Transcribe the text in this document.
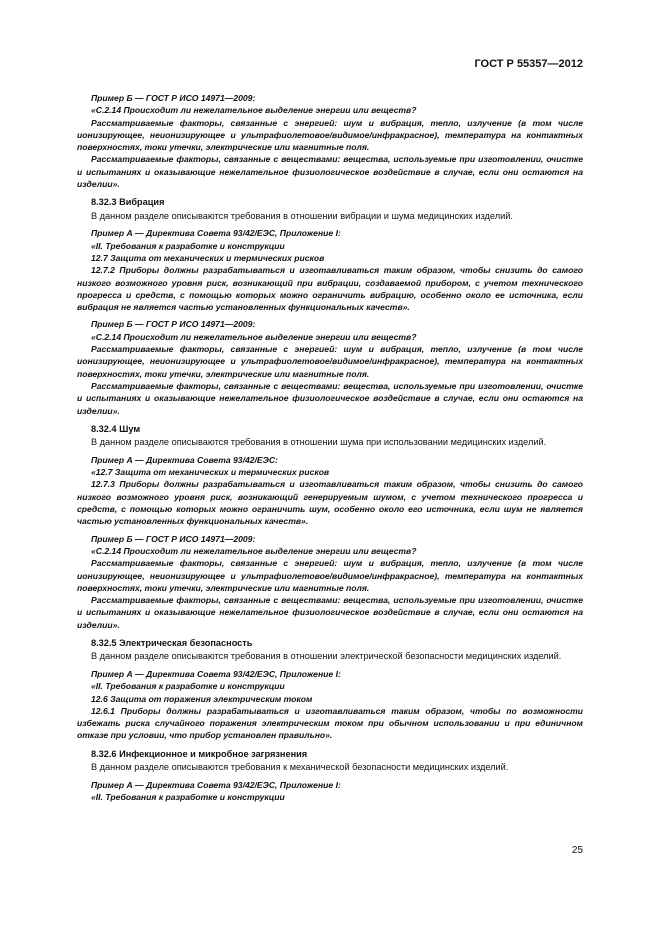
ГОСТ Р 55357—2012

Пример Б — ГОСТ Р ИСО 14971—2009:

«С.2.14 Происходит ли нежелательное выделение энергии или веществ?

Рассматриваемые факторы, связанные с энергией: шум и вибрация, тепло, излучение (в том числе ионизирующее, неионизирующее и ультрафиолетовое/видимое/инфракрасное), температура на контактных поверхностях, токи утечки, электрические или магнитные поля.

Рассматриваемые факторы, связанные с веществами: вещества, используемые при изготовлении, очистке и испытаниях и оказывающие нежелательное физиологическое воздействие в случае, если они остаются на изделии».

8.32.3 Вибрация

В данном разделе описываются требования в отношении вибрации и шума медицинских изделий.

Пример А — Директива Совета 93/42/ЕЭС, Приложение I:

«II. Требования к разработке и конструкции

12.7 Защита от механических и термических рисков

12.7.2 Приборы должны разрабатываться и изготавливаться таким образом, чтобы снизить до самого низкого возможного уровня риск, возникающий при вибрации, создаваемой прибором, с учетом технического прогресса и средств, с помощью которых можно ограничить вибрацию, особенно около ее источника, если вибрация не является частью установленных функциональных качеств».

Пример Б — ГОСТ Р ИСО 14971—2009:

«С.2.14 Происходит ли нежелательное выделение энергии или веществ?

Рассматриваемые факторы, связанные с энергией: шум и вибрация, тепло, излучение (в том числе ионизирующее, неионизирующее и ультрафиолетовое/видимое/инфракрасное), температура на контактных поверхностях, токи утечки, электрические или магнитные поля.

Рассматриваемые факторы, связанные с веществами: вещества, используемые при изготовлении, очистке и испытаниях и оказывающие нежелательное физиологическое воздействие в случае, если они остаются на изделии».

8.32.4 Шум

В данном разделе описываются требования в отношении шума при использовании медицинских изделий.

Пример А — Директива Совета 93/42/ЕЭС:

«12.7 Защита от механических и термических рисков

12.7.3 Приборы должны разрабатываться и изготавливаться таким образом, чтобы снизить до самого низкого возможного уровня риск, возникающий генерируемым шумом, с учетом технического прогресса и средств, с помощью которых можно ограничить шум, особенно около его источника, если шум не является частью установленных функциональных качеств».

Пример Б — ГОСТ Р ИСО 14971—2009:

«С.2.14 Происходит ли нежелательное выделение энергии или веществ?

Рассматриваемые факторы, связанные с энергией: шум и вибрация, тепло, излучение (в том числе ионизирующее, неионизирующее и ультрафиолетовое/видимое/инфракрасное), температура на контактных поверхностях, токи утечки, электрические или магнитные поля.

Рассматриваемые факторы, связанные с веществами: вещества, используемые при изготовлении, очистке и испытаниях и оказывающие нежелательное физиологическое воздействие в случае, если они остаются на изделии».

8.32.5 Электрическая безопасность

В данном разделе описываются требования в отношении электрической безопасности медицинских изделий.

Пример А — Директива Совета 93/42/ЕЭС, Приложение I:

«II. Требования к разработке и конструкции

12.6 Защита от поражения электрическим током

12.6.1 Приборы должны разрабатываться и изготавливаться таким образом, чтобы по возможности избежать риска случайного поражения электрическим током при обычном использовании и при единичном отказе при условии, что прибор установлен правильно».

8.32.6 Инфекционное и микробное загрязнения

В данном разделе описываются требования к механической безопасности медицинских изделий.

Пример А — Директива Совета 93/42/ЕЭС, Приложение I:

«II. Требования к разработке и конструкции

25
